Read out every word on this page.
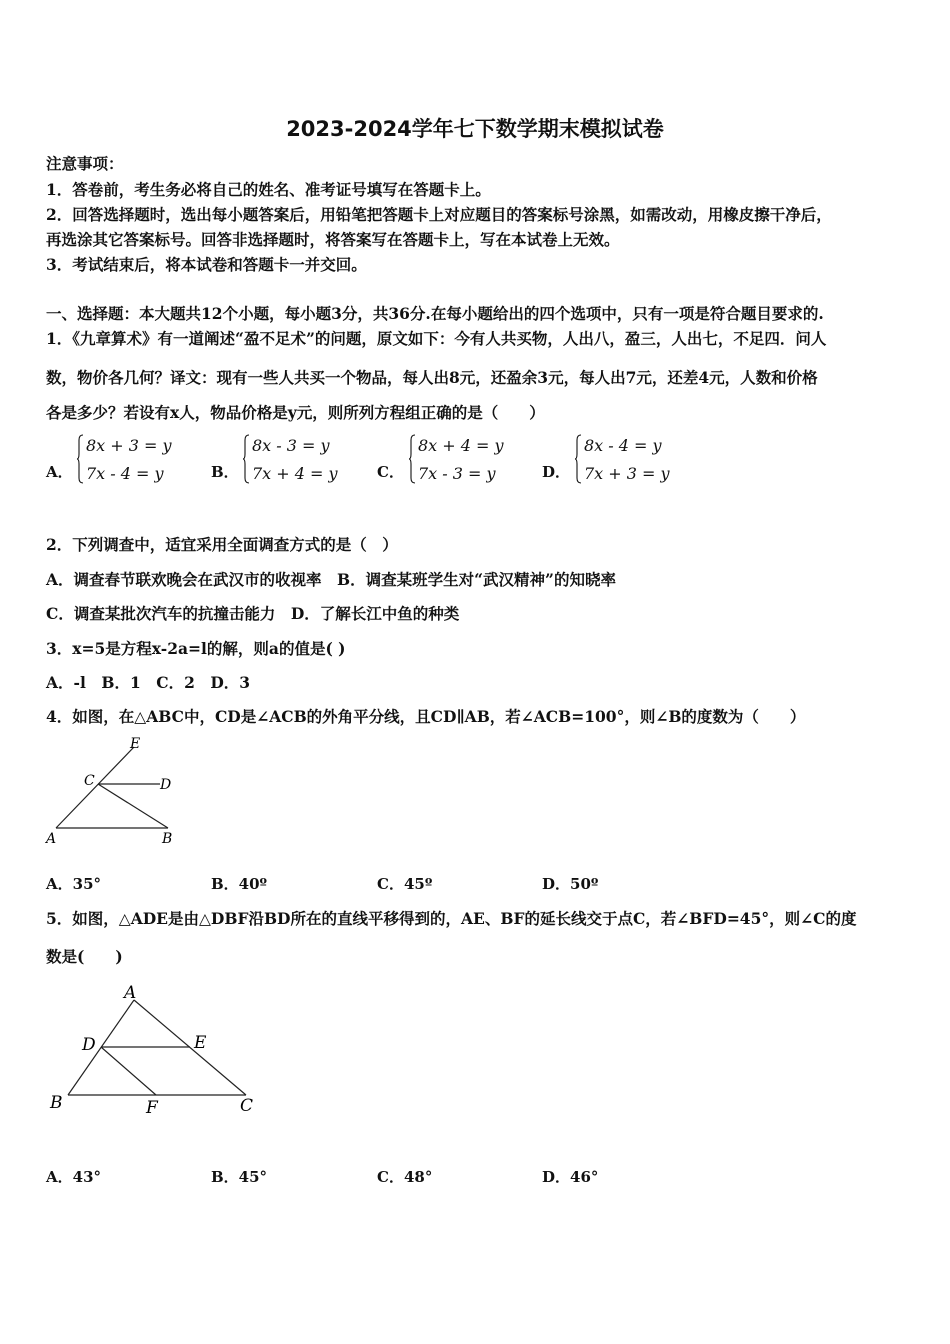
2023-2024学年七下数学期末模拟试卷
注意事项：
1．答卷前，考生务必将自己的姓名、准考证号填写在答题卡上。
2．回答选择题时，选出每小题答案后，用铅笔把答题卡上对应题目的答案标号涂黑，如需改动，用橡皮擦干净后，
再选涂其它答案标号。回答非选择题时，将答案写在答题卡上，写在本试卷上无效。
3．考试结束后，将本试卷和答题卡一并交回。
一、选择题：本大题共12个小题，每小题3分，共36分.在每小题给出的四个选项中，只有一项是符合题目要求的.
1．《九章算术》有一道阐述“盈不足术”的问题，原文如下：今有人共买物，人出八，盈三，人出七，不足四．问人
数，物价各几何？译文：现有一些人共买一个物品，每人出8元，还盈余3元，每人出7元，还差4元，人数和价格
各是多少？若设有x人，物品价格是y元，则所列方程组正确的是（　　）
A．
8x + 3 = y
7x - 4 = y	B．
8x - 3 = y
7x + 4 = y	C．
8x + 4 = y
7x - 3 = y	D．
8x - 4 = y
7x + 3 = y
2．下列调查中，适宜采用全面调查方式的是（　）
A．调查春节联欢晚会在武汉市的收视率　B．调查某班学生对“武汉精神”的知晓率
C．调查某批次汽车的抗撞击能力　D．了解长江中鱼的种类
3．x=5是方程x-2a=l的解，则a的值是( )
A．-l　B．1　C．2　D．3
4．如图，在△ABC中，CD是∠ACB的外角平分线，且CD∥AB，若∠ACB=100°，则∠B的度数为（　　）
E
C	D
A	B
A．35°	B．40º	C．45º	D．50º
5．如图，△ADE是由△DBF沿BD所在的直线平移得到的，AE、BF的延长线交于点C，若∠BFD=45°，则∠C的度
数是(　　)
A
D	E
B	F	C
A．43°	B．45°	C．48°	D．46°
